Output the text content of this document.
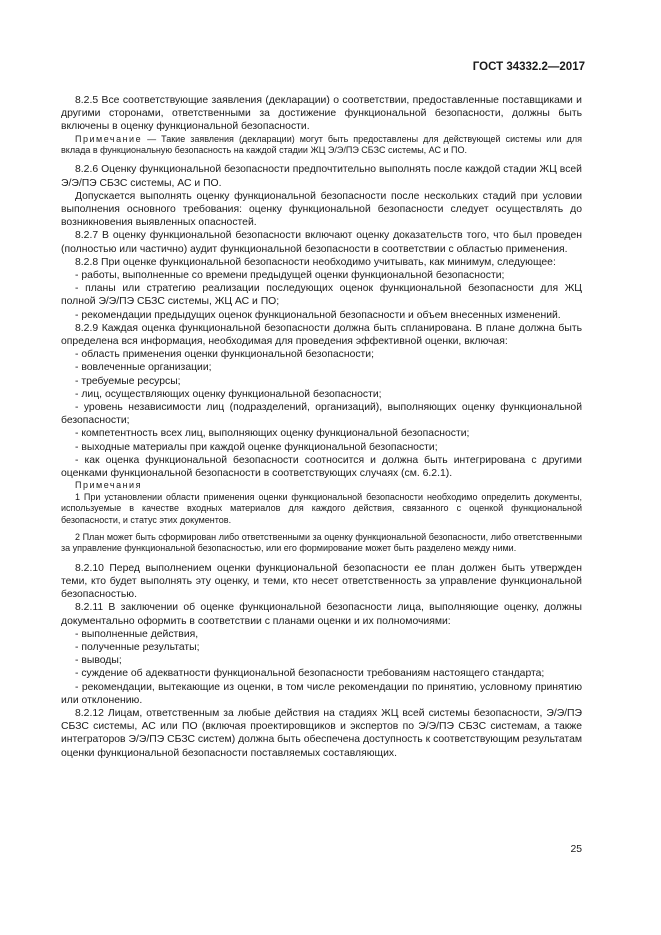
ГОСТ 34332.2—2017

8.2.5 Все соответствующие заявления (декларации) о соответствии, предоставленные поставщиками и другими сторонами, ответственными за достижение функциональной безопасности, должны быть включены в оценку функциональной безопасности.

Примечание — Такие заявления (декларации) могут быть предоставлены для действующей системы или для вклада в функциональную безопасность на каждой стадии ЖЦ Э/Э/ПЭ СБЗС системы, АС и ПО.

8.2.6 Оценку функциональной безопасности предпочтительно выполнять после каждой стадии ЖЦ всей Э/Э/ПЭ СБЗС системы, АС и ПО.

Допускается выполнять оценку функциональной безопасности после нескольких стадий при условии выполнения основного требования: оценку функциональной безопасности следует осуществлять до возникновения выявленных опасностей.

8.2.7 В оценку функциональной безопасности включают оценку доказательств того, что был проведен (полностью или частично) аудит функциональной безопасности в соответствии с областью применения.

8.2.8 При оценке функциональной безопасности необходимо учитывать, как минимум, следующее:

- работы, выполненные со времени предыдущей оценки функциональной безопасности;

- планы или стратегию реализации последующих оценок функциональной безопасности для ЖЦ полной Э/Э/ПЭ СБЗС системы, ЖЦ АС и ПО;

- рекомендации предыдущих оценок функциональной безопасности и объем внесенных изменений.

8.2.9 Каждая оценка функциональной безопасности должна быть спланирована. В плане должна быть определена вся информация, необходимая для проведения эффективной оценки, включая:

- область применения оценки функциональной безопасности;

- вовлеченные организации;

- требуемые ресурсы;

- лиц, осуществляющих оценку функциональной безопасности;

- уровень независимости лиц (подразделений, организаций), выполняющих оценку функциональной безопасности;

- компетентность всех лиц, выполняющих оценку функциональной безопасности;

- выходные материалы при каждой оценке функциональной безопасности;

- как оценка функциональной безопасности соотносится и должна быть интегрирована с другими оценками функциональной безопасности в соответствующих случаях (см. 6.2.1).

Примечания

1 При установлении области применения оценки функциональной безопасности необходимо определить документы, используемые в качестве входных материалов для каждого действия, связанного с оценкой функциональной безопасности, и статус этих документов.

2 План может быть сформирован либо ответственными за оценку функциональной безопасности, либо ответственными за управление функциональной безопасностью, или его формирование может быть разделено между ними.

8.2.10 Перед выполнением оценки функциональной безопасности ее план должен быть утвержден теми, кто будет выполнять эту оценку, и теми, кто несет ответственность за управление функциональной безопасностью.

8.2.11 В заключении об оценке функциональной безопасности лица, выполняющие оценку, должны документально оформить в соответствии с планами оценки и их полномочиями:

- выполненные действия,

- полученные результаты;

- выводы;

- суждение об адекватности функциональной безопасности требованиям настоящего стандарта;

- рекомендации, вытекающие из оценки, в том числе рекомендации по принятию, условному принятию или отклонению.

8.2.12 Лицам, ответственным за любые действия на стадиях ЖЦ всей системы безопасности, Э/Э/ПЭ СБЗС системы, АС или ПО (включая проектировщиков и экспертов по Э/Э/ПЭ СБЗС системам, а также интеграторов Э/Э/ПЭ СБЗС систем) должна быть обеспечена доступность к соответствующим результатам оценки функциональной безопасности поставляемых составляющих.

25
